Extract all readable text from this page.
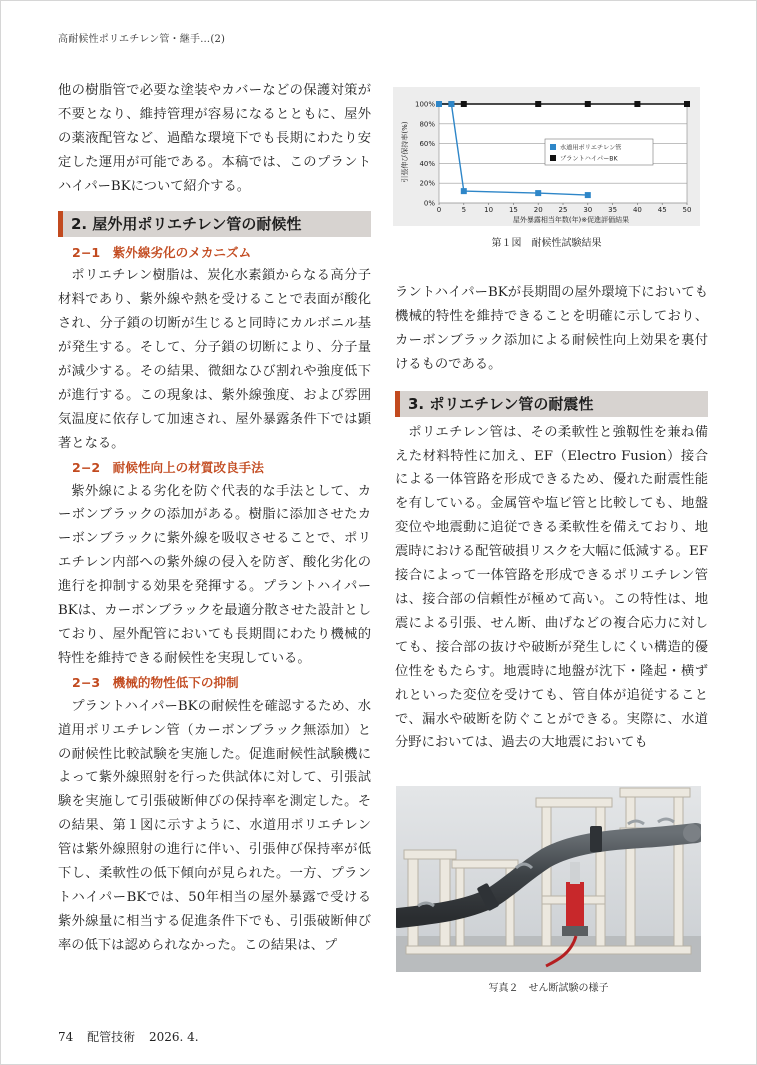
高耐候性ポリエチレン管・継手…(2)

他の樹脂管で必要な塗装やカバーなどの保護対策が不要となり、維持管理が容易になるとともに、屋外の薬液配管など、過酷な環境下でも長期にわたり安定した運用が可能である。本稿では、このプラントハイパーBKについて紹介する。

2. 屋外用ポリエチレン管の耐候性

2−1　紫外線劣化のメカニズム

ポリエチレン樹脂は、炭化水素鎖からなる高分子材料であり、紫外線や熱を受けることで表面が酸化され、分子鎖の切断が生じると同時にカルボニル基が発生する。そして、分子鎖の切断により、分子量が減少する。その結果、微細なひび割れや強度低下が進行する。この現象は、紫外線強度、および雰囲気温度に依存して加速され、屋外暴露条件下では顕著となる。

2−2　耐候性向上の材質改良手法

紫外線による劣化を防ぐ代表的な手法として、カーボンブラックの添加がある。樹脂に添加させたカーボンブラックに紫外線を吸収させることで、ポリエチレン内部への紫外線の侵入を防ぎ、酸化劣化の進行を抑制する効果を発揮する。プラントハイパーBKは、カーボンブラックを最適分散させた設計としており、屋外配管においても長期間にわたり機械的特性を維持できる耐候性を実現している。

2−3　機械的物性低下の抑制

プラントハイパーBKの耐候性を確認するため、水道用ポリエチレン管（カーボンブラック無添加）との耐候性比較試験を実施した。促進耐候性試験機によって紫外線照射を行った供試体に対して、引張試験を実施して引張破断伸びの保持率を測定した。その結果、第１図に示すように、水道用ポリエチレン管は紫外線照射の進行に伴い、引張伸び保持率が低下し、柔軟性の低下傾向が見られた。一方、プラントハイパーBKでは、50年相当の屋外暴露で受ける紫外線量に相当する促進条件下でも、引張破断伸び率の低下は認められなかった。この結果は、プ

0%
20%
40%
60%
80%
100%
0	5	10 15 20 25 30 35 40 45 50
水道用ポリエチレン管
プラントハイパーBK
引張伸び保持率(%)
屋外暴露相当年数(年)※促進評価結果
第１図　耐候性試験結果

ラントハイパーBKが長期間の屋外環境下においても機械的特性を維持できることを明確に示しており、カーボンブラック添加による耐候性向上効果を裏付けるものである。

3. ポリエチレン管の耐震性

ポリエチレン管は、その柔軟性と強靱性を兼ね備えた材料特性に加え、EF（Electro Fusion）接合による一体管路を形成できるため、優れた耐震性能を有している。金属管や塩ビ管と比較しても、地盤変位や地震動に追従できる柔軟性を備えており、地震時における配管破損リスクを大幅に低減する。EF接合によって一体管路を形成できるポリエチレン管は、接合部の信頼性が極めて高い。この特性は、地震による引張、せん断、曲げなどの複合応力に対しても、接合部の抜けや破断が発生しにくい構造的優位性をもたらす。地震時に地盤が沈下・隆起・横ずれといった変位を受けても、管自体が追従することで、漏水や破断を防ぐことができる。実際に、水道分野においては、過去の大地震においても

写真２　せん断試験の様子
74 配管技術 2026. 4.
